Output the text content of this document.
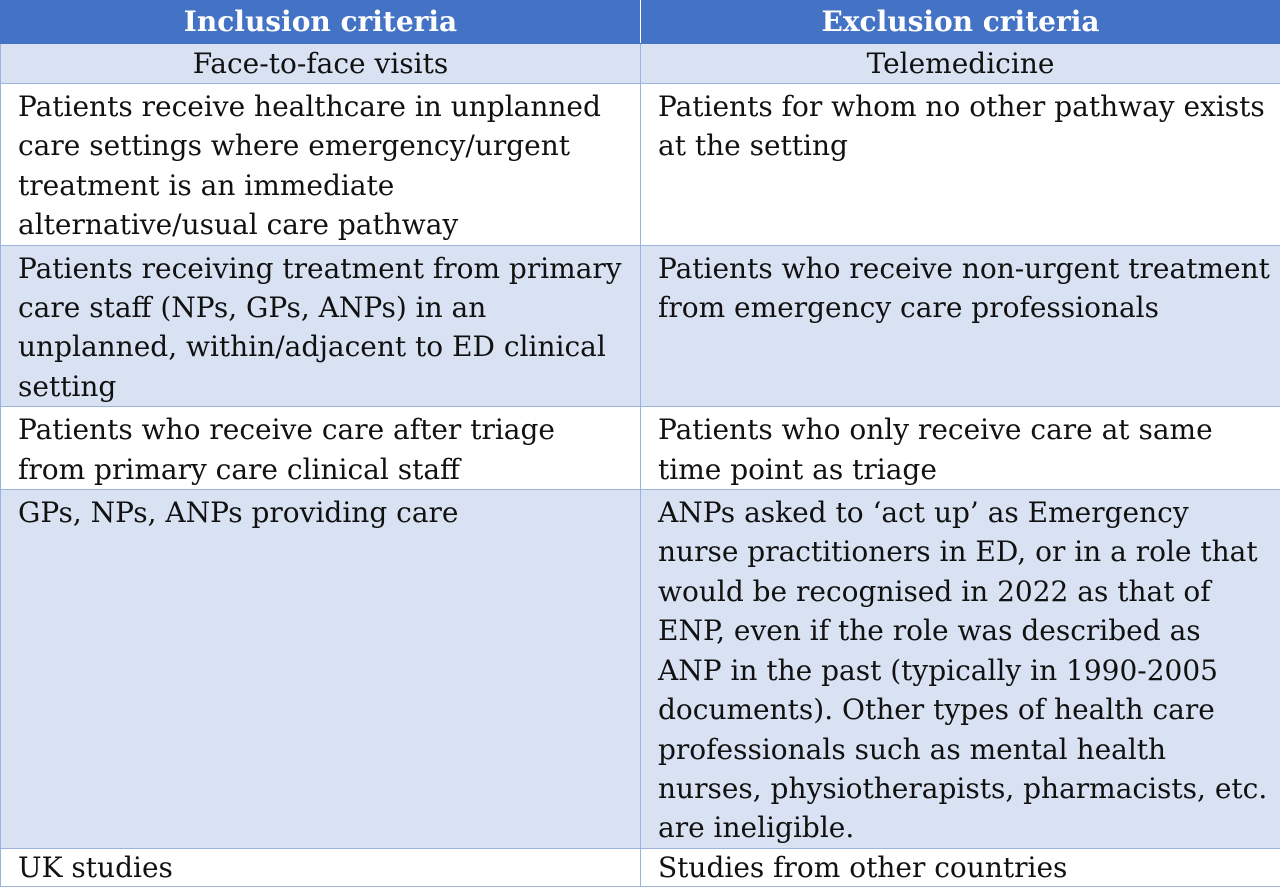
Inclusion criteria	Exclusion criteria
Face-to-face visits	Telemedicine
Patients receive healthcare in unplanned care settings where emergency/urgent treatment is an immediate alternative/usual care pathway	Patients for whom no other pathway exists at the setting
Patients receiving treatment from primary care staff (NPs, GPs, ANPs) in an unplanned, within/adjacent to ED clinical setting	Patients who receive non-urgent treatment from emergency care professionals
Patients who receive care after triage from primary care clinical staff	Patients who only receive care at same time point as triage
GPs, NPs, ANPs providing care	ANPs asked to ‘act up’ as Emergency nurse practitioners in ED, or in a role that would be recognised in 2022 as that of ENP, even if the role was described as ANP in the past (typically in 1990-2005 documents). Other types of health care professionals such as mental health nurses, physiotherapists, pharmacists, etc. are ineligible.
UK studies	Studies from other countries
